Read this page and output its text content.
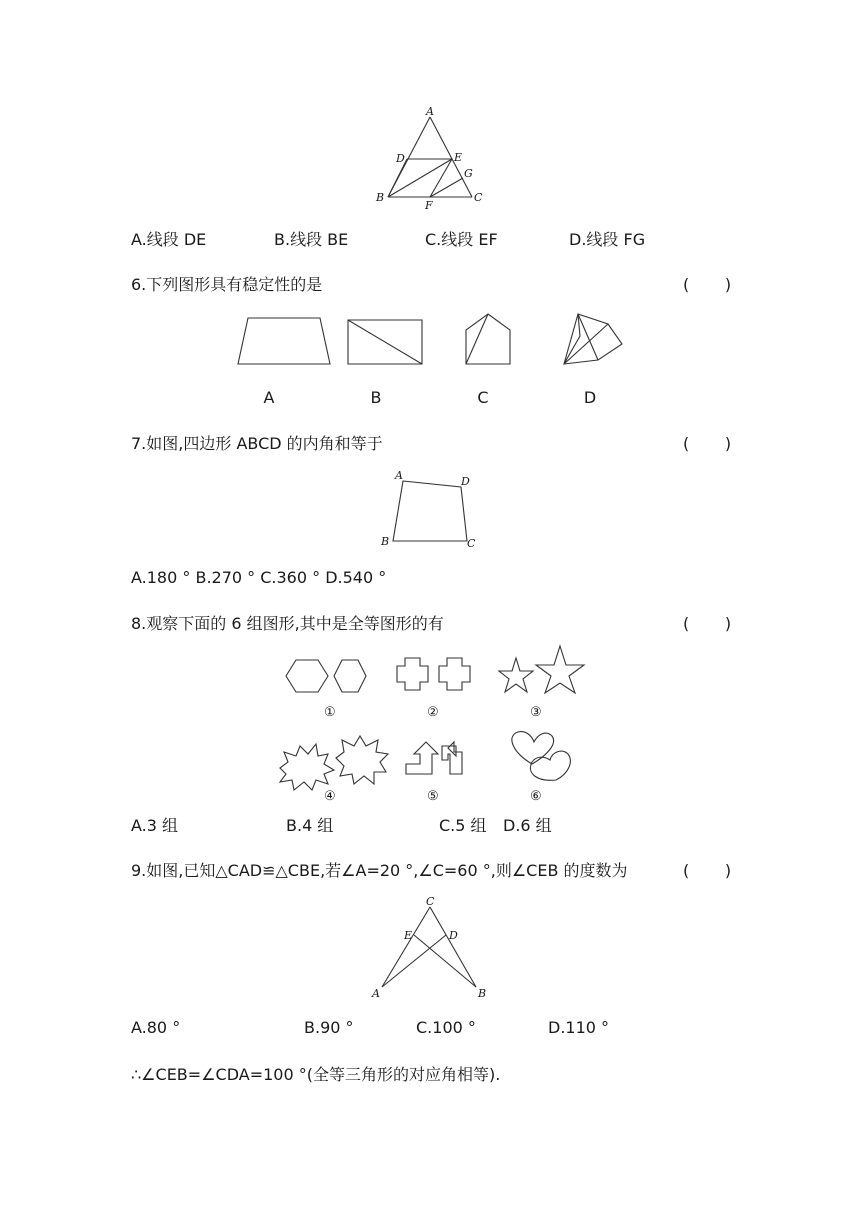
A
D	E
G
B
F
C
A.线段 DE	B.线段 BE	C.线段 EF	D.线段 FG
6.下列图形具有稳定性的是	(       )
A	B	C	D
7.如图,四边形 ABCD 的内角和等于	(       )
A	D
B	C
A.180 ° B.270 ° C.360 ° D.540 °
8.观察下面的 6 组图形,其中是全等图形的有	(       )
①	②	③
④	⑤	⑥
A.3 组	B.4 组	C.5 组 D.6 组
9.如图,已知△CAD≌△CBE,若∠A=20 °,∠C=60 °,则∠CEB 的度数为	(       )
C
E	D
A	B
A.80 °	B.90 °	C.100 °	D.110 °
∴∠CEB=∠CDA=100 °(全等三角形的对应角相等).
